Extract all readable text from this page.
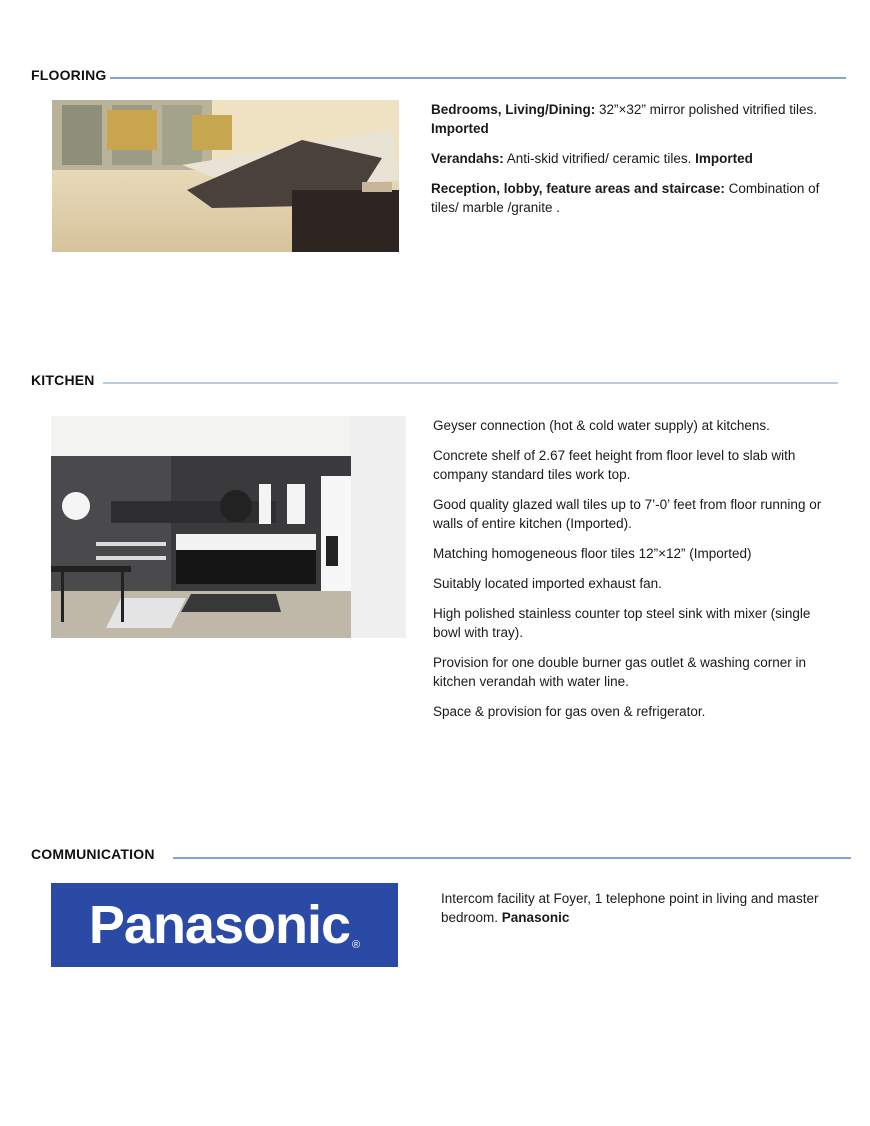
FLOORING

Bedrooms, Living/Dining: 32”×32” mirror polished vitrified tiles. Imported

Verandahs: Anti-skid vitrified/ ceramic tiles. Imported

Reception, lobby, feature areas and staircase: Combination of tiles/ marble /granite .

KITCHEN

Geyser connection (hot & cold water supply) at kitchens.

Concrete shelf of 2.67 feet height from floor level to slab with company standard tiles work top.

Good quality glazed wall tiles up to 7’-0’ feet from floor running or walls of entire kitchen (Imported).

Matching homogeneous floor tiles 12”×12” (Imported)

Suitably located imported exhaust fan.

High polished stainless counter top steel sink with mixer (single bowl with tray).

Provision for one double burner gas outlet & washing corner in kitchen verandah with water line.

Space & provision for gas oven & refrigerator.

COMMUNICATION
Panasonic ®

Intercom facility at Foyer, 1 telephone point in living and master bedroom. Panasonic
